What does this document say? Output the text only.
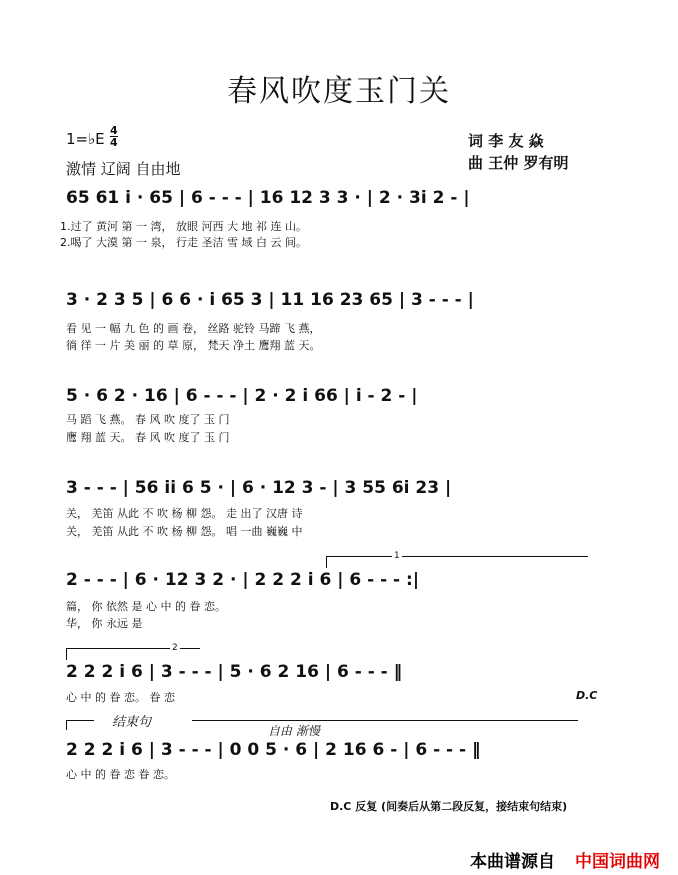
春风吹度玉门关
1=♭E $\frac{4}{4}$
激情 辽阔 自由地
词 李 友 焱
曲 王仲 罗有明
65 61 i · 65 | 6 - - - | 16 12 3 3 · | 2 · 3i 2 - |
1.过了 黄河 第 一 湾， 放眼 河西 大 地 祁 连 山。
2.喝了 大漠 第 一 泉， 行走 圣洁 雪 域 白 云 间。
3 · 2 3 5 | 6 6 · i 65 3 | 11 16 23 65 | 3 - - - |
看 见 一 幅 九 色 的 画 卷， 丝路 驼铃 马蹄 飞 燕，
徜 徉 一 片 美 丽 的 草 原， 梵天 净土 鹰翔 蓝 天。
5 · 6 2 · 16 | 6 - - - | 2 · 2 i 66 | i - 2 - |
马 蹈 飞 燕。 春 风 吹 度了 玉 门
鹰 翔 蓝 天。 春 风 吹 度了 玉 门
3 - - - | 56 ii 6 5 · | 6 · 12 3 - | 3 55 6i 23 |
关， 羌笛 从此 不 吹 杨 柳 怨。 走 出了 汉唐 诗
关， 羌笛 从此 不 吹 杨 柳 怨。 唱 一曲 巍巍 中
1
2 - - - | 6 · 12 3 2 · | 2 2 2 i 6 | 6 - - - :|
篇， 你 依然 是 心 中 的 眷 恋。
华， 你 永远 是
2
2 2 2 i 6 | 3 - - - | 5 · 6 2 16 | 6 - - - ‖
心 中 的 眷 恋。 眷 恋	D.C
结束句
自由 渐慢
2 2 2 i 6 | 3 - - - | 0 0 5 · 6 | 2 16 6 - | 6 - - - ‖
心 中 的 眷 恋 眷 恋。
D.C 反复 (间奏后从第二段反复，接结束句结束)
本曲谱源自 中国词曲网
